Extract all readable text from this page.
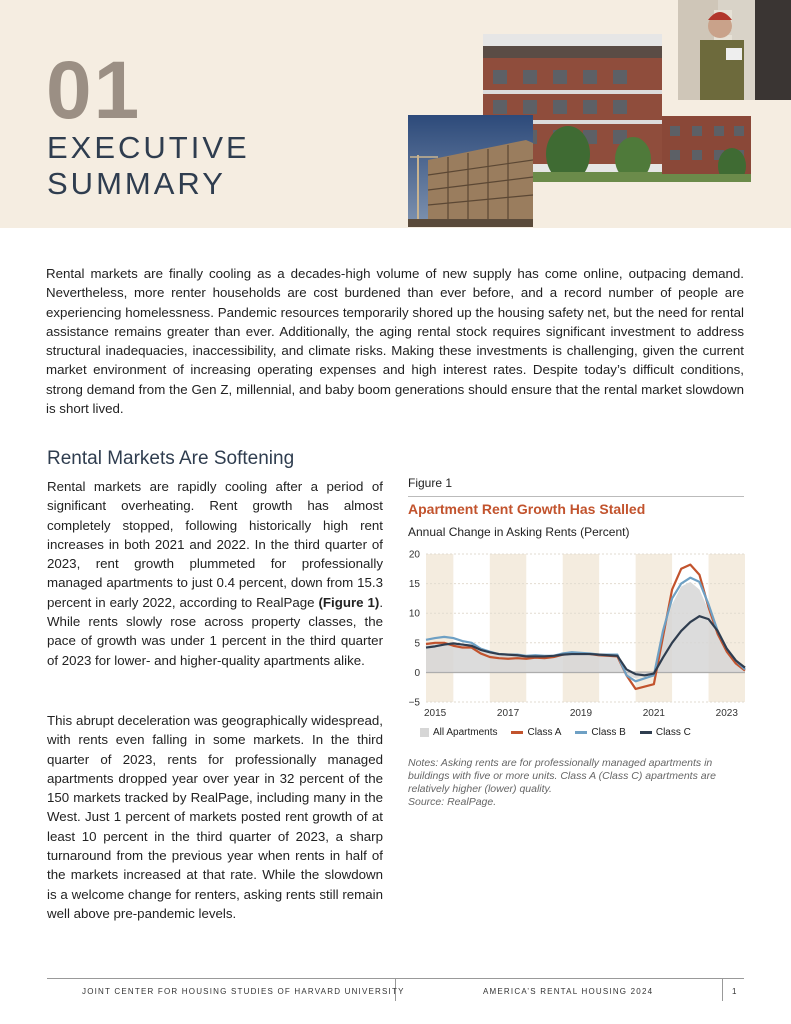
01
EXECUTIVE
SUMMARY

Rental markets are finally cooling as a decades-high volume of new supply has come online, outpacing demand. Nevertheless, more renter households are cost burdened than ever before, and a record number of people are experiencing homelessness. Pandemic resources temporarily shored up the housing safety net, but the need for rental assistance remains greater than ever. Additionally, the aging rental stock requires significant investment to address structural inadequacies, inaccessibility, and climate risks. Making these investments is challenging, given the current market environment of increasing operating expenses and high interest rates. Despite today’s difficult conditions, strong demand from the Gen Z, millennial, and baby boom generations should ensure that the rental market slowdown is short lived.

Rental Markets Are Softening

Rental markets are rapidly cooling after a period of significant overheating. Rent growth has almost completely stopped, following historically high rent increases in both 2021 and 2022. In the third quarter of 2023, rent growth plummeted for professionally managed apartments to just 0.4 percent, down from 15.3 percent in early 2022, according to RealPage (Figure 1). While rents slowly rose across property classes, the pace of growth was under 1 percent in the third quarter of 2023 for lower- and higher-quality apartments alike.

This abrupt deceleration was geographically widespread, with rents even falling in some markets. In the third quarter of 2023, rents for professionally managed apartments dropped year over year in 32 percent of the 150 markets tracked by RealPage, including many in the West. Just 1 percent of markets posted rent growth of at least 10 percent in the third quarter of 2023, a sharp turnaround from the previous year when rents in half of the markets increased at that rate. While the slowdown is a welcome change for renters, asking rents still remain well above pre-pandemic levels.

Figure 1
Apartment Rent Growth Has Stalled
Annual Change in Asking Rents (Percent)
20
15
10
5
0
−5
2015	2017	2019	2021	2023
All Apartments	Class A	Class B	Class C
Notes: Asking rents are for professionally managed apartments in buildings with five or more units. Class A (Class C) apartments are relatively higher (lower) quality.
Source: RealPage.
JOINT CENTER FOR HOUSING STUDIES OF HARVARD UNIVERSITY	AMERICA’S RENTAL HOUSING 2024	1
